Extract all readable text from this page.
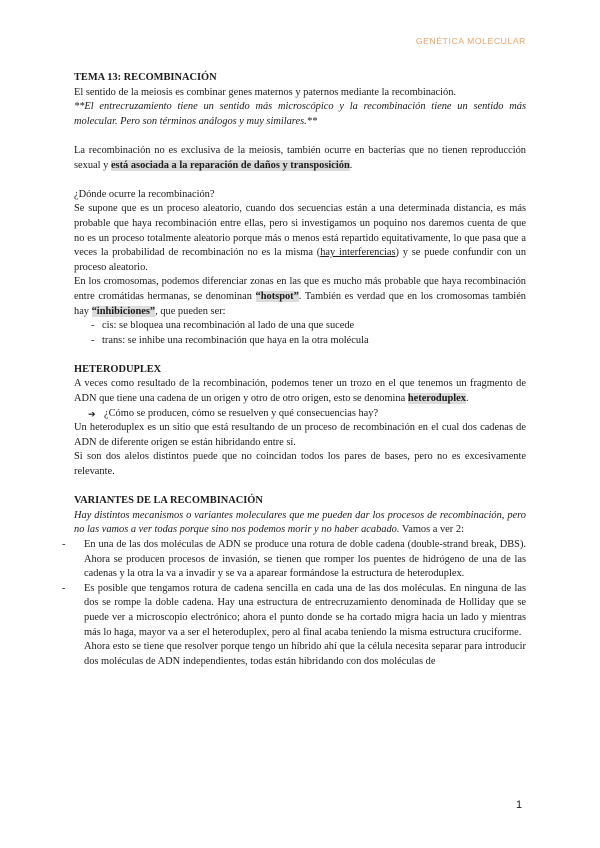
GENÉTICA MOLECULAR

TEMA 13: RECOMBINACIÓN

El sentido de la meiosis es combinar genes maternos y paternos mediante la recombinación.

**El entrecruzamiento tiene un sentido más microscópico y la recombinación tiene un sentido más molecular. Pero son términos análogos y muy similares.**

La recombinación no es exclusiva de la meiosis, también ocurre en bacterias que no tienen reproducción sexual y está asociada a la reparación de daños y transposición.

¿Dónde ocurre la recombinación?

Se supone que es un proceso aleatorio, cuando dos secuencias están a una determinada distancia, es más probable que haya recombinación entre ellas, pero si investigamos un poquino nos daremos cuenta de que no es un proceso totalmente aleatorio porque más o menos está repartido equitativamente, lo que pasa que a veces la probabilidad de recombinación no es la misma (hay interferencias) y se puede confundir con un proceso aleatorio.

En los cromosomas, podemos diferenciar zonas en las que es mucho más probable que haya recombinación entre cromátidas hermanas, se denominan “hotspot”. También es verdad que en los cromosomas también hay “inhibiciones”, que pueden ser:

- cis: se bloquea una recombinación al lado de una que sucede

- trans: se inhibe una recombinación que haya en la otra molécula

HETERODUPLEX

A veces como resultado de la recombinación, podemos tener un trozo en el que tenemos un fragmento de ADN que tiene una cadena de un origen y otro de otro origen, esto se denomina heteroduplex.

➔ ¿Cómo se producen, cómo se resuelven y qué consecuencias hay?

Un heteroduplex es un sitio que está resultando de un proceso de recombinación en el cual dos cadenas de ADN de diferente origen se están hibridando entre sí.

Si son dos alelos distintos puede que no coincidan todos los pares de bases, pero no es excesivamente relevante.

VARIANTES DE LA RECOMBINACIÓN

Hay distintos mecanismos o variantes moleculares que me pueden dar los procesos de recombinación, pero no las vamos a ver todas porque sino nos podemos morir y no haber acabado. Vamos a ver 2:

- En una de las dos moléculas de ADN se produce una rotura de doble cadena (double-strand break, DBS). Ahora se producen procesos de invasión, se tienen que romper los puentes de hidrógeno de una de las cadenas y la otra la va a invadir y se va a aparear formándose la estructura de heteroduplex.

- Es posible que tengamos rotura de cadena sencilla en cada una de las dos moléculas. En ninguna de las dos se rompe la doble cadena. Hay una estructura de entrecruzamiento denominada de Holliday que se puede ver a microscopio electrónico; ahora el punto donde se ha cortado migra hacia un lado y mientras más lo haga, mayor va a ser el heteroduplex, pero al final acaba teniendo la misma estructura cruciforme.

Ahora esto se tiene que resolver porque tengo un híbrido ahí que la célula necesita separar para introducir dos moléculas de ADN independientes, todas están hibridando con dos moléculas de

1
